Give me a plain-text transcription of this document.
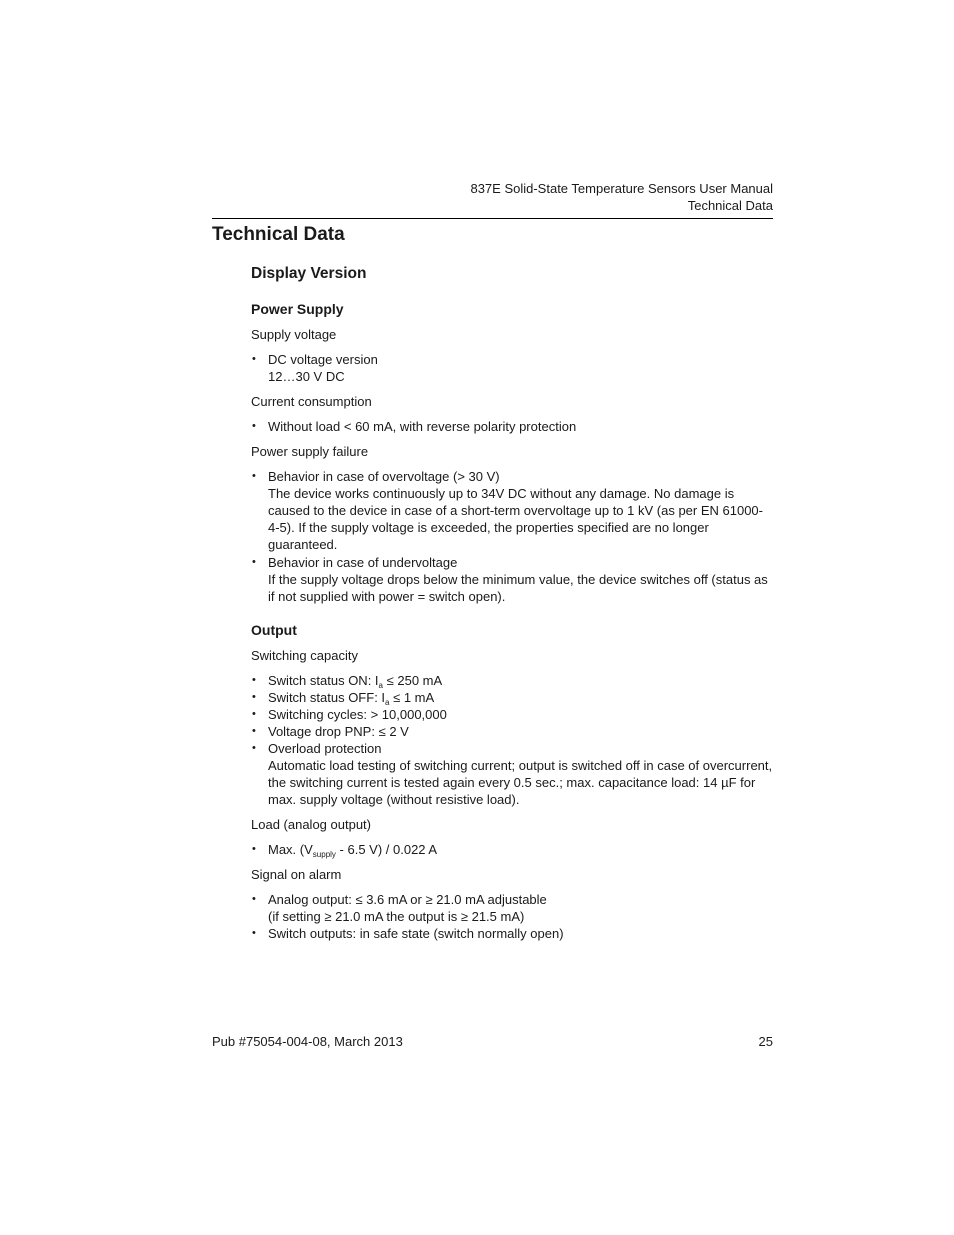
837E Solid-State Temperature Sensors User Manual
Technical Data
Technical Data
Display Version
Power Supply

Supply voltage

• DC voltage version
12…30 V DC

Current consumption

• Without load < 60 mA, with reverse polarity protection

Power supply failure

• Behavior in case of overvoltage (> 30 V)
The device works continuously up to 34V DC without any damage. No damage is caused to the device in case of a short-term overvoltage up to 1 kV (as per EN 61000-4-5). If the supply voltage is exceeded, the properties specified are no longer guaranteed.
• Behavior in case of undervoltage
If the supply voltage drops below the minimum value, the device switches off (status as if not supplied with power = switch open).
Output

Switching capacity

• Switch status ON: $I_a \le 250$ mA
• Switch status OFF: $I_a \le 1$ mA
• Switching cycles: > 10,000,000
• Voltage drop PNP: ≤ 2 V
• Overload protection
Automatic load testing of switching current; output is switched off in case of overcurrent, the switching current is tested again every 0.5 sec.; max. capacitance load: 14 µF for max. supply voltage (without resistive load).

Load (analog output)

• Max. ($V_{supply} - 6.5$ V) / 0.022 A

Signal on alarm

• Analog output: ≤ 3.6 mA or ≥ 21.0 mA adjustable
(if setting ≥ 21.0 mA the output is ≥ 21.5 mA)
• Switch outputs: in safe state (switch normally open)
Pub #75054-004-08, March 2013	25
